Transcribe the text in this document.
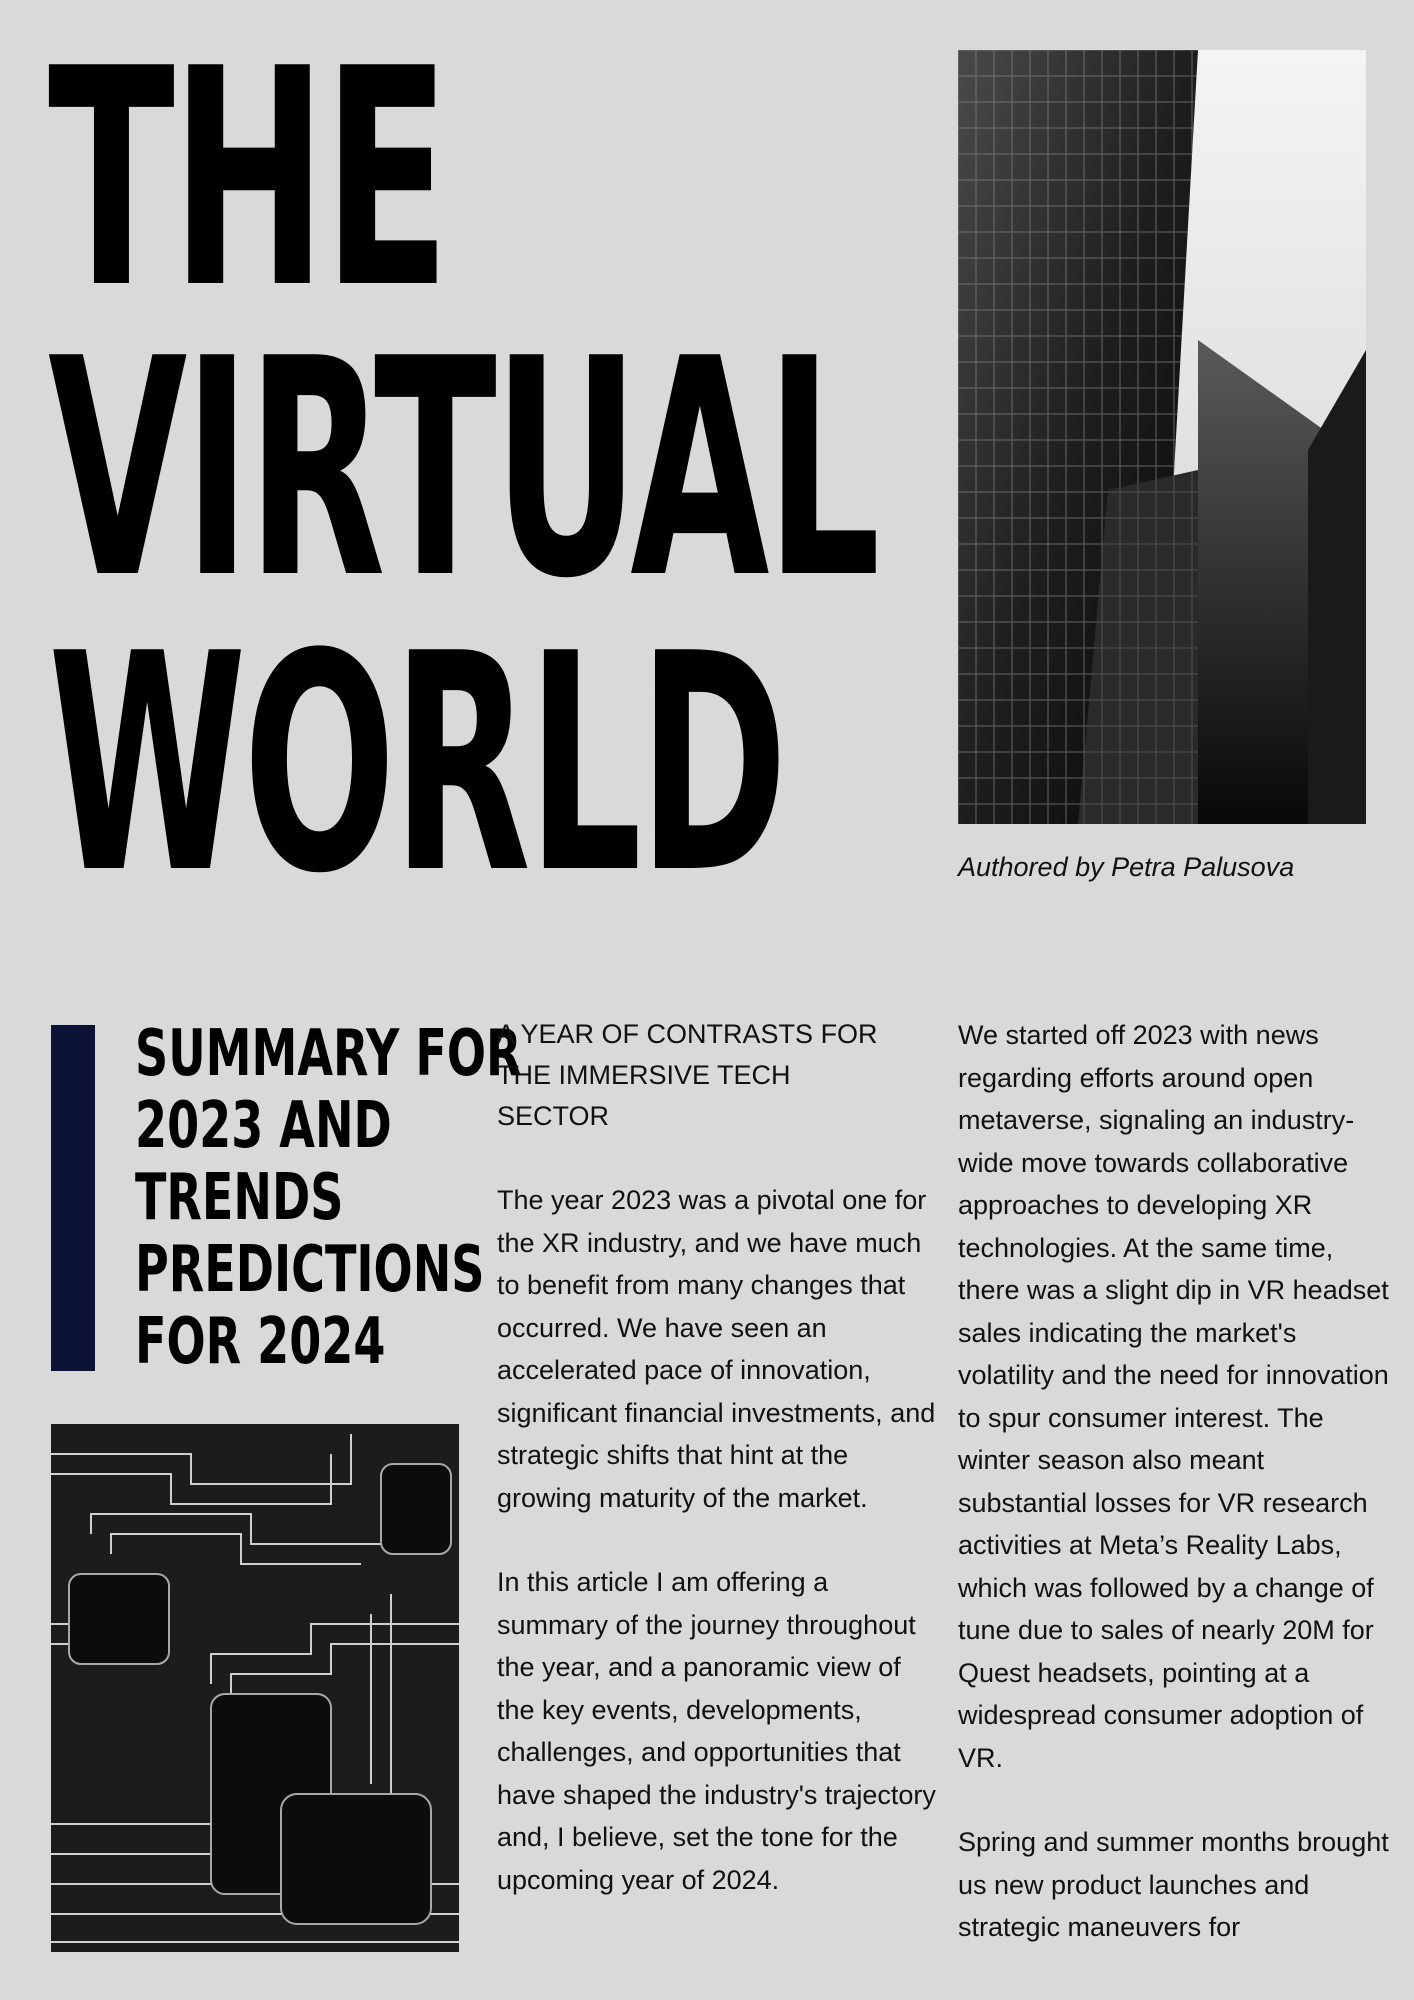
THE
VIRTUAL
WORLD	Authored by Petra Palusova

SUMMARY FOR
2023 AND
TRENDS
PREDICTIONS
FOR 2024

A YEAR OF CONTRASTS FOR
THE IMMERSIVE TECH
SECTOR

The year 2023 was a pivotal one for the XR industry, and we have much to benefit from many changes that occurred. We have seen an accelerated pace of innovation, significant financial investments, and strategic shifts that hint at the growing maturity of the market.

In this article I am offering a summary of the journey throughout the year, and a panoramic view of the key events, developments, challenges, and opportunities that have shaped the industry's trajectory and, I believe, set the tone for the upcoming year of 2024.

We started off 2023 with news regarding efforts around open metaverse, signaling an industry-wide move towards collaborative approaches to developing XR technologies. At the same time, there was a slight dip in VR headset sales indicating the market's volatility and the need for innovation to spur consumer interest. The winter season also meant substantial losses for VR research activities at Meta’s Reality Labs, which was followed by a change of tune due to sales of nearly 20M for Quest headsets, pointing at a widespread consumer adoption of VR.

Spring and summer months brought us new product launches and strategic maneuvers for
